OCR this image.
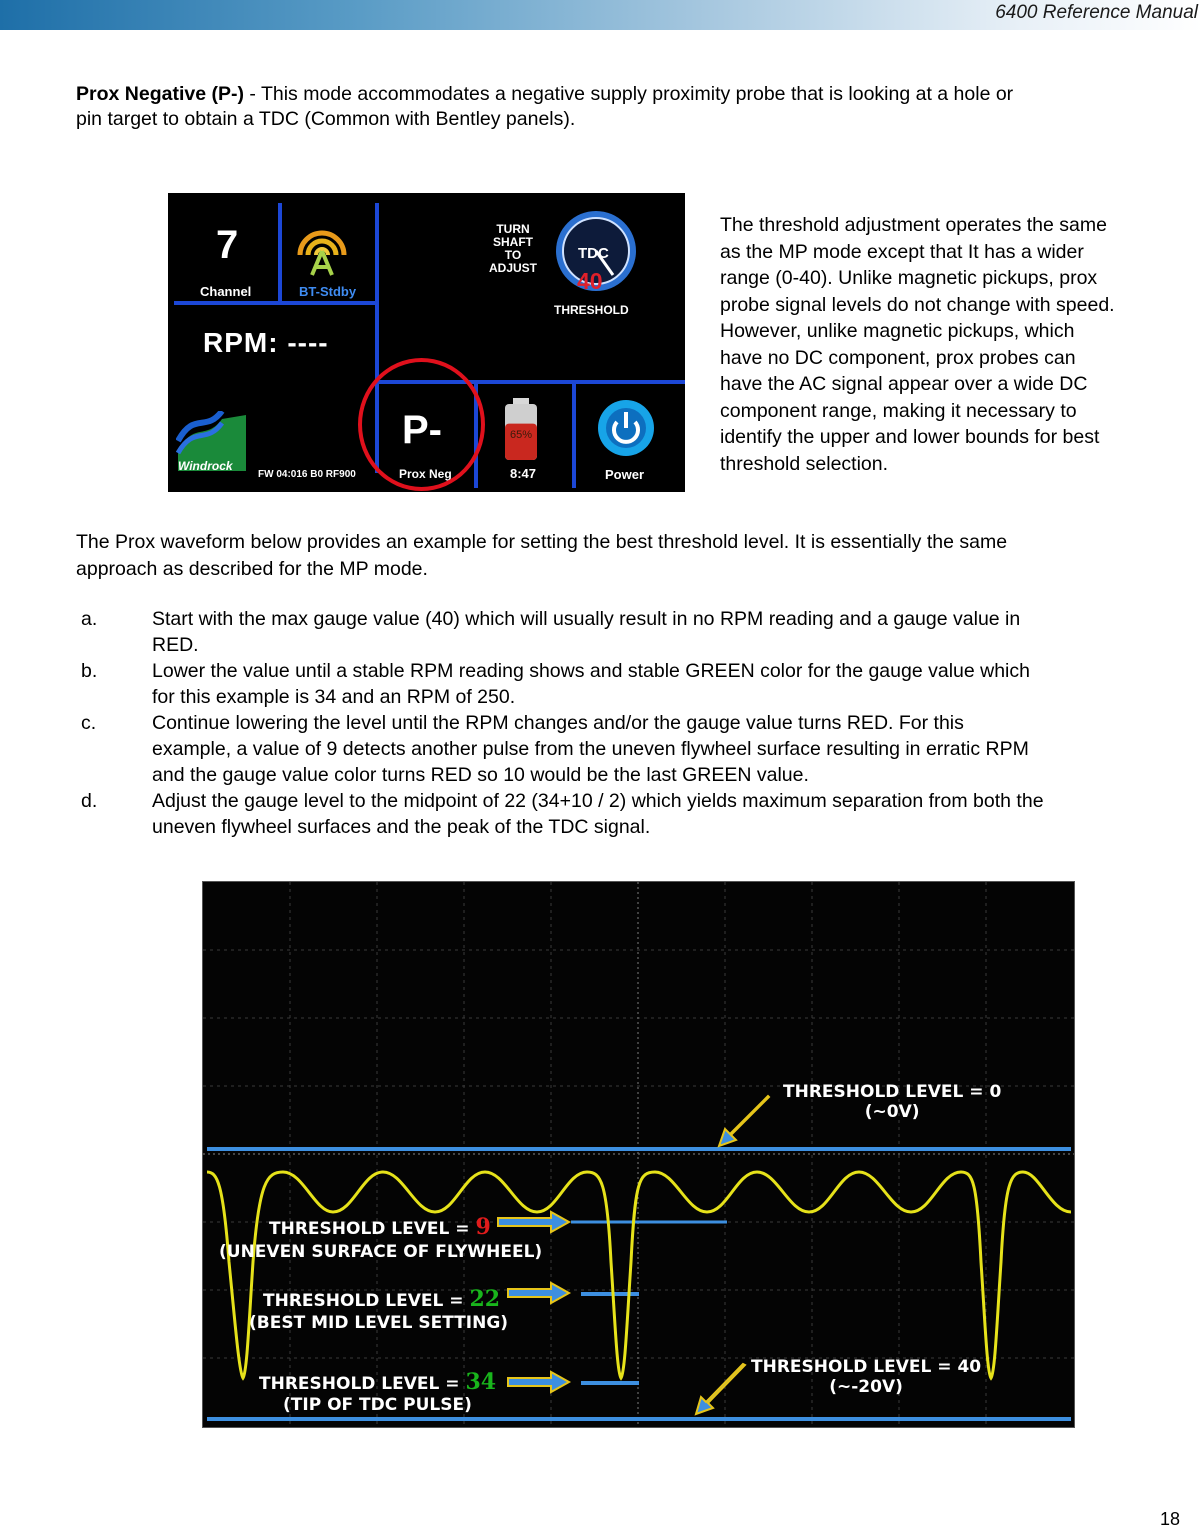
6400 Reference Manual
Prox Negative (P-) - This mode accommodates a negative supply proximity probe that is looking at a hole or
pin target to obtain a TDC (Common with Bentley panels).
7
Channel	BT-Stdby
TURN
SHAFT
TO
ADJUST
TDC
40
THRESHOLD
RPM: ----
Windrock
FW 04:016 B0 RF900
P-
Prox Neg
65%
8:47	Power
The threshold adjustment operates the same
as the MP mode except that It has a wider
range (0-40). Unlike magnetic pickups, prox
probe signal levels do not change with speed.
However, unlike magnetic pickups, which
have no DC component, prox probes can
have the AC signal appear over a wide DC
component range, making it necessary to
identify the upper and lower bounds for best
threshold selection.
The Prox waveform below provides an example for setting the best threshold level. It is essentially the same
approach as described for the MP mode.
a.	Start with the max gauge value (40) which will usually result in no RPM reading and a gauge value in
RED.
b.	Lower the value until a stable RPM reading shows and stable GREEN color for the gauge value which
for this example is 34 and an RPM of 250.
c.	Continue lowering the level until the RPM changes and/or the gauge value turns RED. For this
example, a value of 9 detects another pulse from the uneven flywheel surface resulting in erratic RPM
and the gauge value color turns RED so 10 would be the last GREEN value.
d.	Adjust the gauge level to the midpoint of 22 (34+10 / 2) which yields maximum separation from both the
uneven flywheel surfaces and the peak of the TDC signal.
THRESHOLD LEVEL = 0
(~0V)
THRESHOLD LEVEL = 9
(UNEVEN SURFACE OF FLYWHEEL)
THRESHOLD LEVEL = 22
(BEST MID LEVEL SETTING)
THRESHOLD LEVEL = 34
(TIP OF TDC PULSE)
THRESHOLD LEVEL = 40
(~-20V)
18
